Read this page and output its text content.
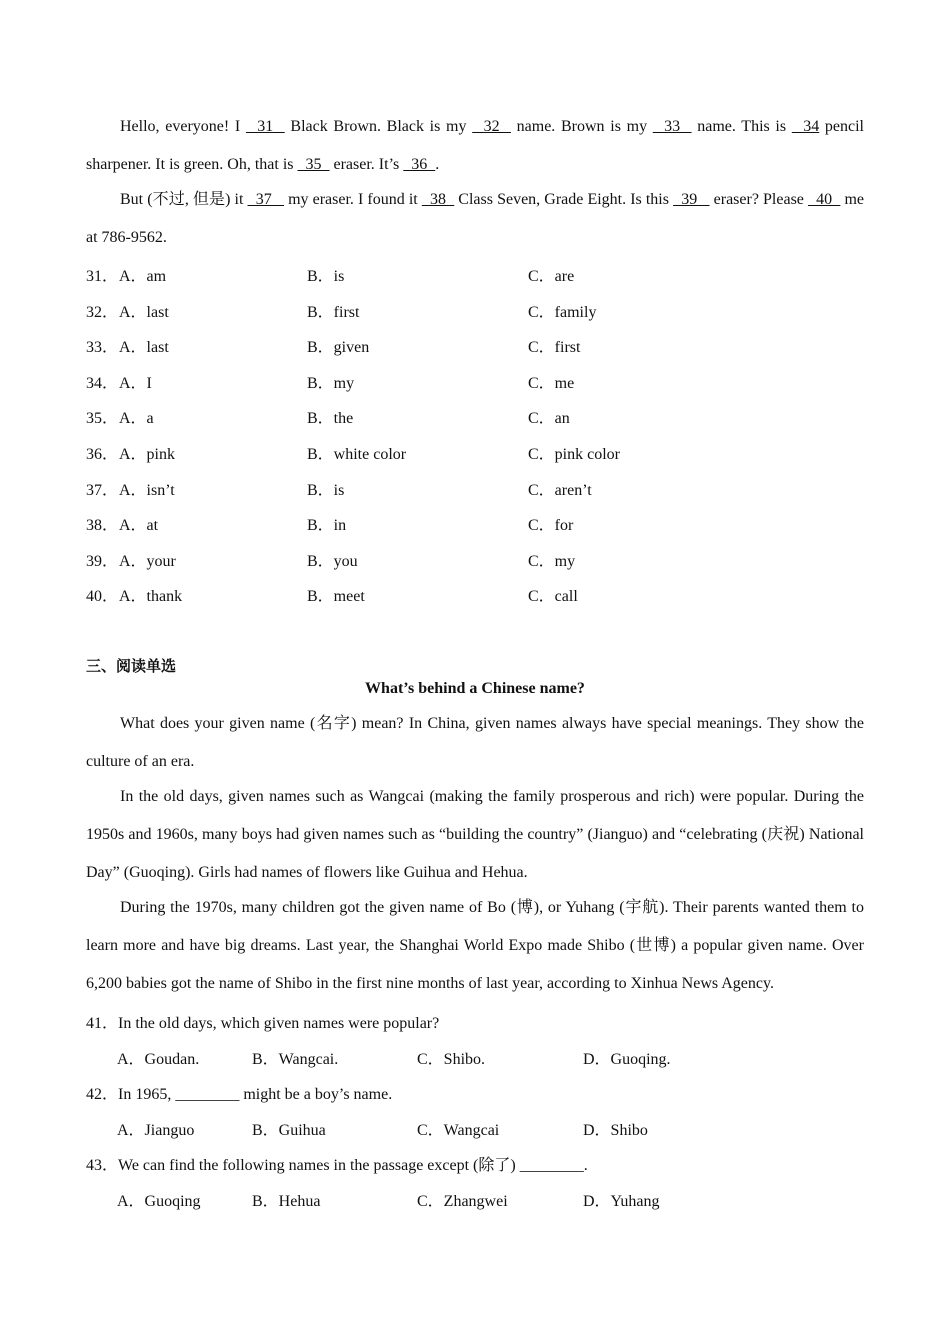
Hello, everyone! I   31   Black Brown. Black is my   32   name. Brown is my   33   name. This is   34 pencil sharpener. It is green. Oh, that is   35   eraser. It’s   36  .
But (不过, 但是) it   37    my eraser. I found it   38   Class Seven, Grade Eight. Is this   39    eraser? Please   40   me at 786-9562.
31． A．am	B．is	C．are
32． A．last	B．first	C．family
33． A．last	B．given	C．first
34． A．I	B．my	C．me
35． A．a	B．the	C．an
36． A．pink	B．white color	C．pink color
37． A．isn’t	B．is	C．aren’t
38． A．at	B．in	C．for
39． A．your	B．you	C．my
40． A．thank	B．meet	C．call
三、阅读单选
What’s behind a Chinese name?
What does your given name (名字) mean? In China, given names always have special meanings. They show the culture of an era.
In the old days, given names such as Wangcai (making the family prosperous and rich) were popular. During the 1950s and 1960s, many boys had given names such as “building the country” (Jianguo) and “celebrating (庆祝) National Day” (Guoqing). Girls had names of flowers like Guihua and Hehua.
During the 1970s, many children got the given name of Bo (博), or Yuhang (宇航). Their parents wanted them to learn more and have big dreams. Last year, the Shanghai World Expo made Shibo (世博) a popular given name. Over 6,200 babies got the name of Shibo in the first nine months of last year, according to Xinhua News Agency.
41．In the old days, which given names were popular?
A．Goudan.	B．Wangcai.	C．Shibo.	D．Guoqing.
42．In 1965, ________ might be a boy’s name.
A．Jianguo	B．Guihua	C．Wangcai	D．Shibo
43．We can find the following names in the passage except (除了) ________.
A．Guoqing	B．Hehua	C．Zhangwei	D．Yuhang
